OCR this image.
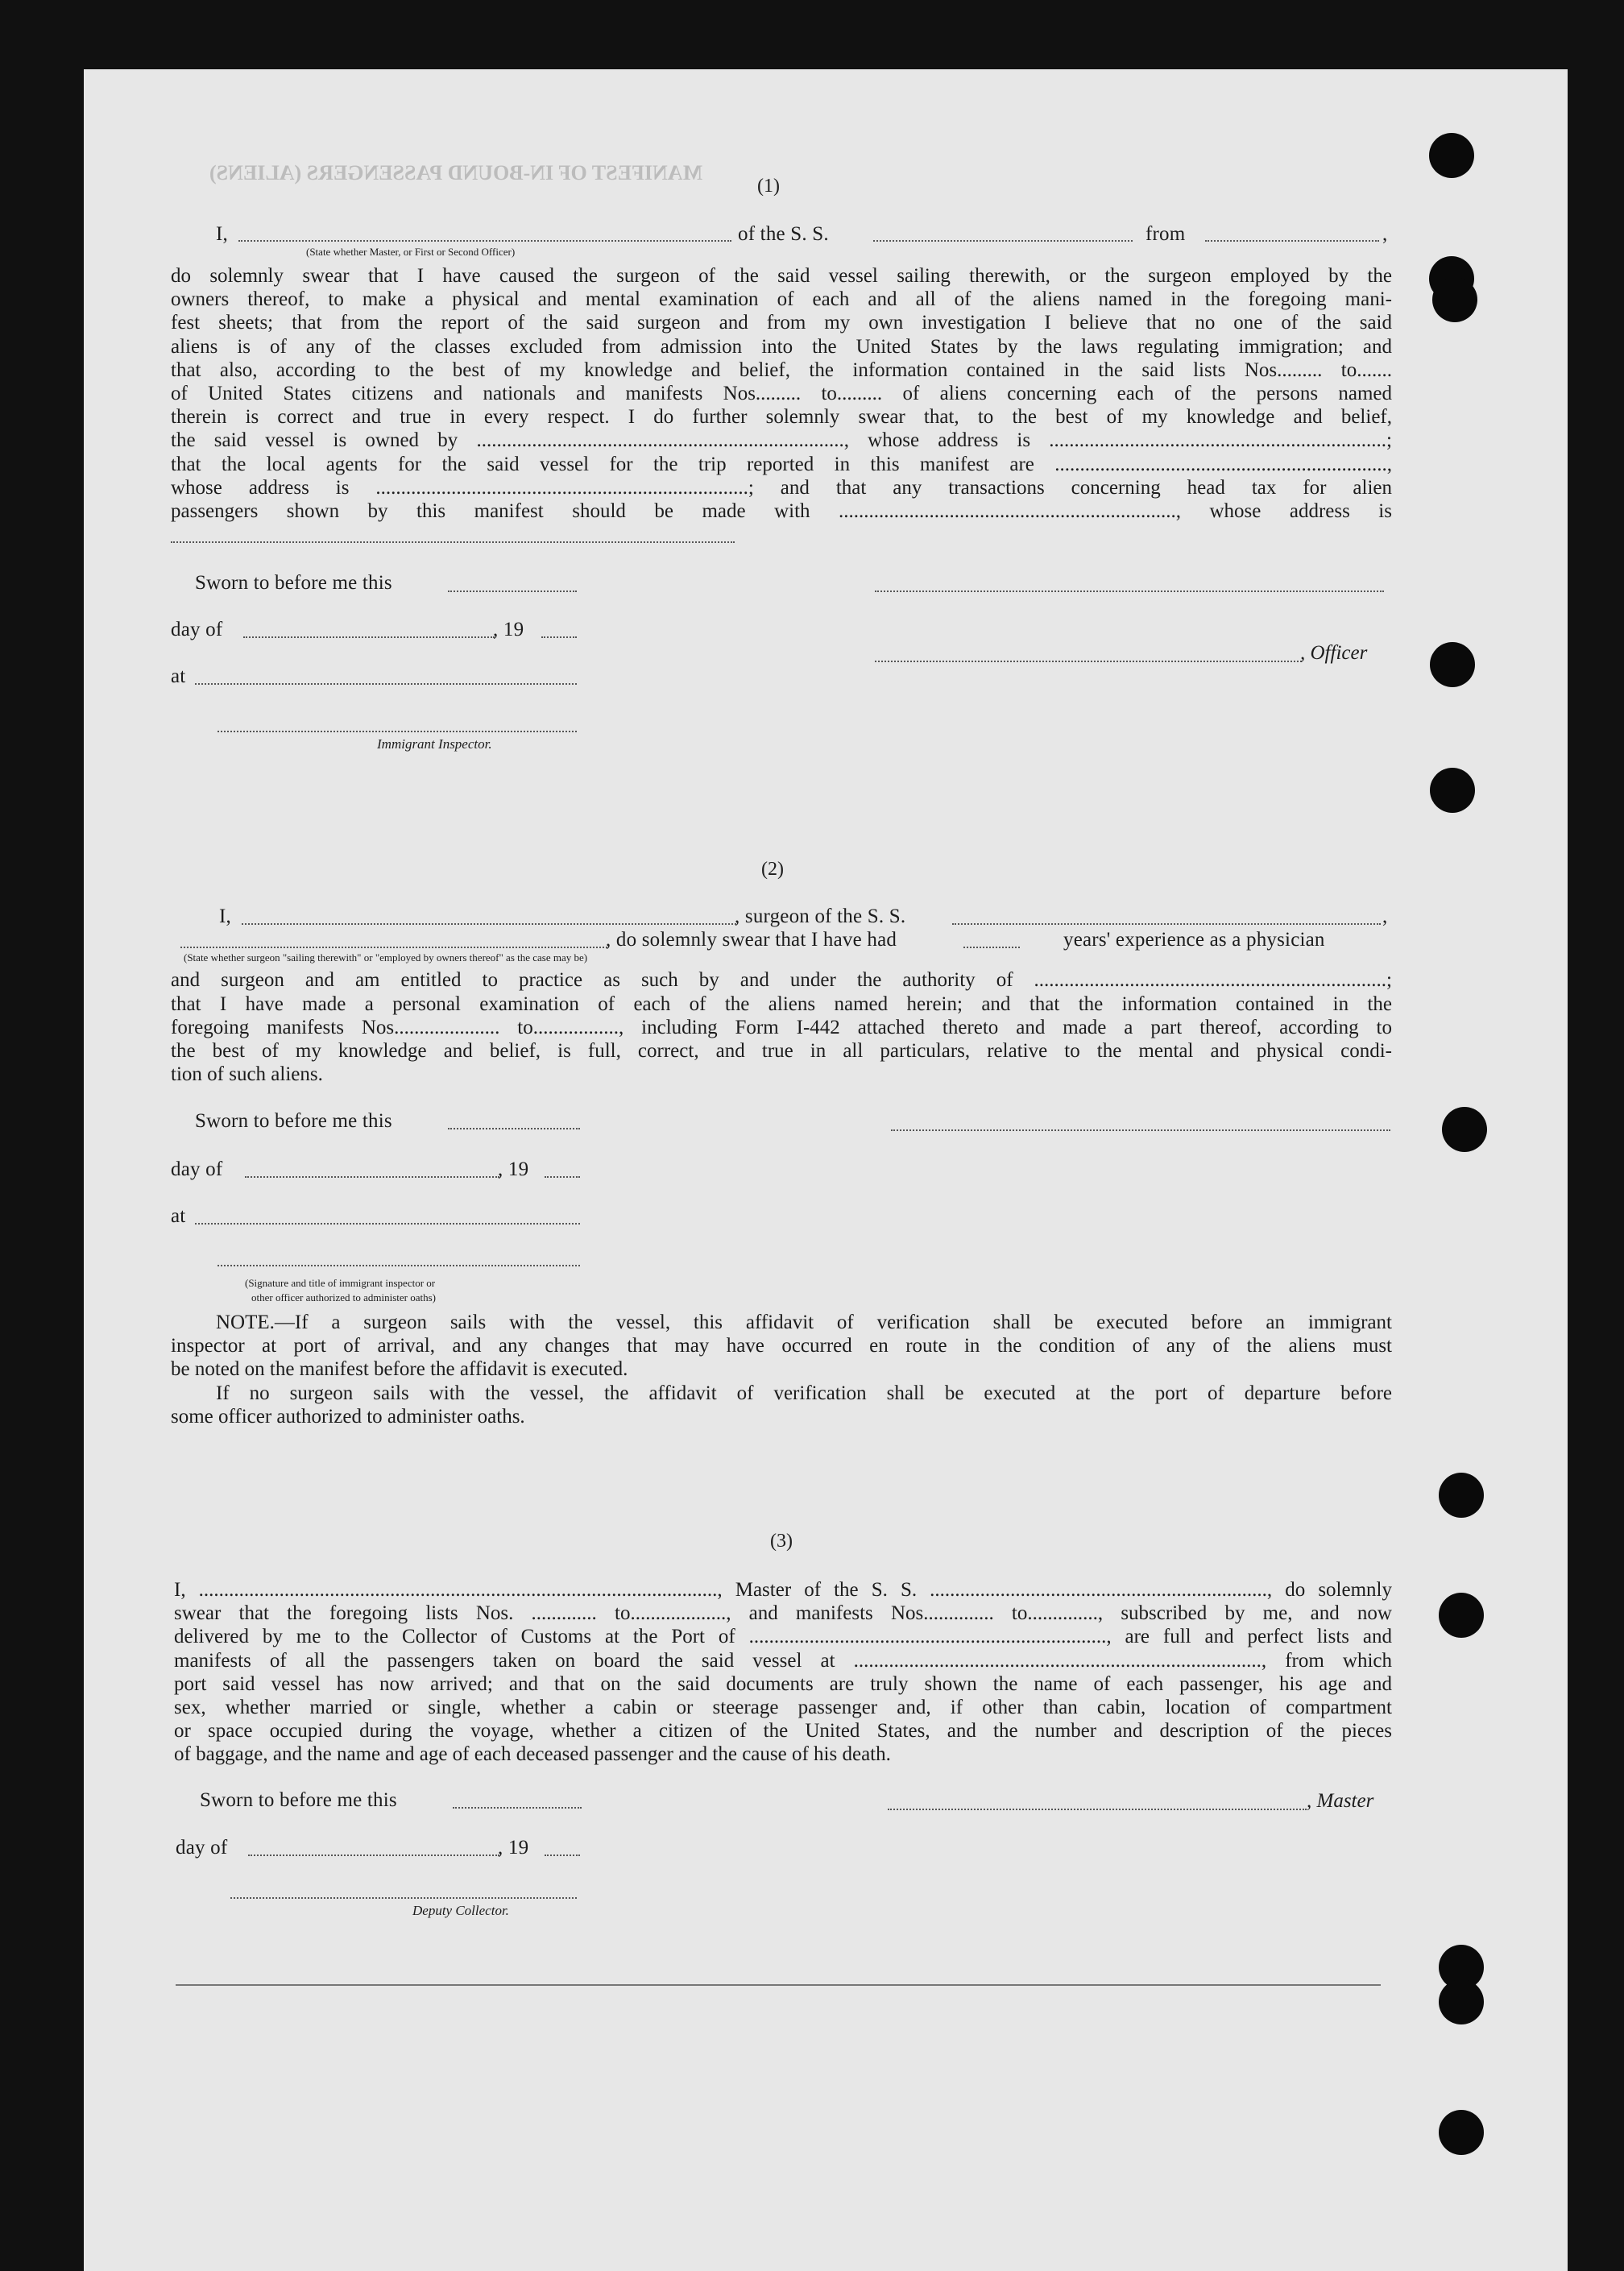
MANIFEST OF IN-BOUND PASSENGERS (ALIENS)
(1)
I,	of the S. S.	from	,
(State whether Master, or First or Second Officer)
do solemnly swear that I have caused the surgeon of the said vessel sailing therewith, or the surgeon employed by the
owners thereof, to make a physical and mental examination of each and all of the aliens named in the foregoing mani-
fest sheets; that from the report of the said surgeon and from my own investigation I believe that no one of the said
aliens is of any of the classes excluded from admission into the United States by the laws regulating immigration; and
that also, according to the best of my knowledge and belief, the information contained in the said lists Nos......... to.......
of United States citizens and nationals and manifests Nos......... to......... of aliens concerning each of the persons named
therein is correct and true in every respect. I do further solemnly swear that, to the best of my knowledge and belief,
the said vessel is owned by ........................................................................., whose address is ...................................................................;
that the local agents for the said vessel for the trip reported in this manifest are ..................................................................,
whose address is ..........................................................................; and that any transactions concerning head tax for alien
passengers shown by this manifest should be made with ..................................................................., whose address is
Sworn to before me this
day of	, 19
, Officer
at
Immigrant Inspector.
(2)
I,	, surgeon of the S. S.	,
, do solemnly swear that I have had	years' experience as a physician
(State whether surgeon "sailing therewith" or "employed by owners thereof" as the case may be)
and surgeon and am entitled to practice as such by and under the authority of ......................................................................;
that I have made a personal examination of each of the aliens named herein; and that the information contained in the
foregoing manifests Nos..................... to................., including Form I-442 attached thereto and made a part thereof, according to
the best of my knowledge and belief, is full, correct, and true in all particulars, relative to the mental and physical condi-
tion of such aliens.
Sworn to before me this
day of	, 19
at
(Signature and title of immigrant inspector or
other officer authorized to administer oaths)
NOTE.—If a surgeon sails with the vessel, this affidavit of verification shall be executed before an immigrant
inspector at port of arrival, and any changes that may have occurred en route in the condition of any of the aliens must
be noted on the manifest before the affidavit is executed.
If no surgeon sails with the vessel, the affidavit of verification shall be executed at the port of departure before
some officer authorized to administer oaths.
(3)
I, ......................................................................................................., Master of the S. S. ..................................................................., do solemnly
swear that the foregoing lists Nos. ............. to..................., and manifests Nos.............. to.............., subscribed by me, and now
delivered by me to the Collector of Customs at the Port of ......................................................................., are full and perfect lists and
manifests of all the passengers taken on board the said vessel at ................................................................................., from which
port said vessel has now arrived; and that on the said documents are truly shown the name of each passenger, his age and
sex, whether married or single, whether a cabin or steerage passenger and, if other than cabin, location of compartment
or space occupied during the voyage, whether a citizen of the United States, and the number and description of the pieces
of baggage, and the name and age of each deceased passenger and the cause of his death.
Sworn to before me this	, Master
day of	, 19
Deputy Collector.
